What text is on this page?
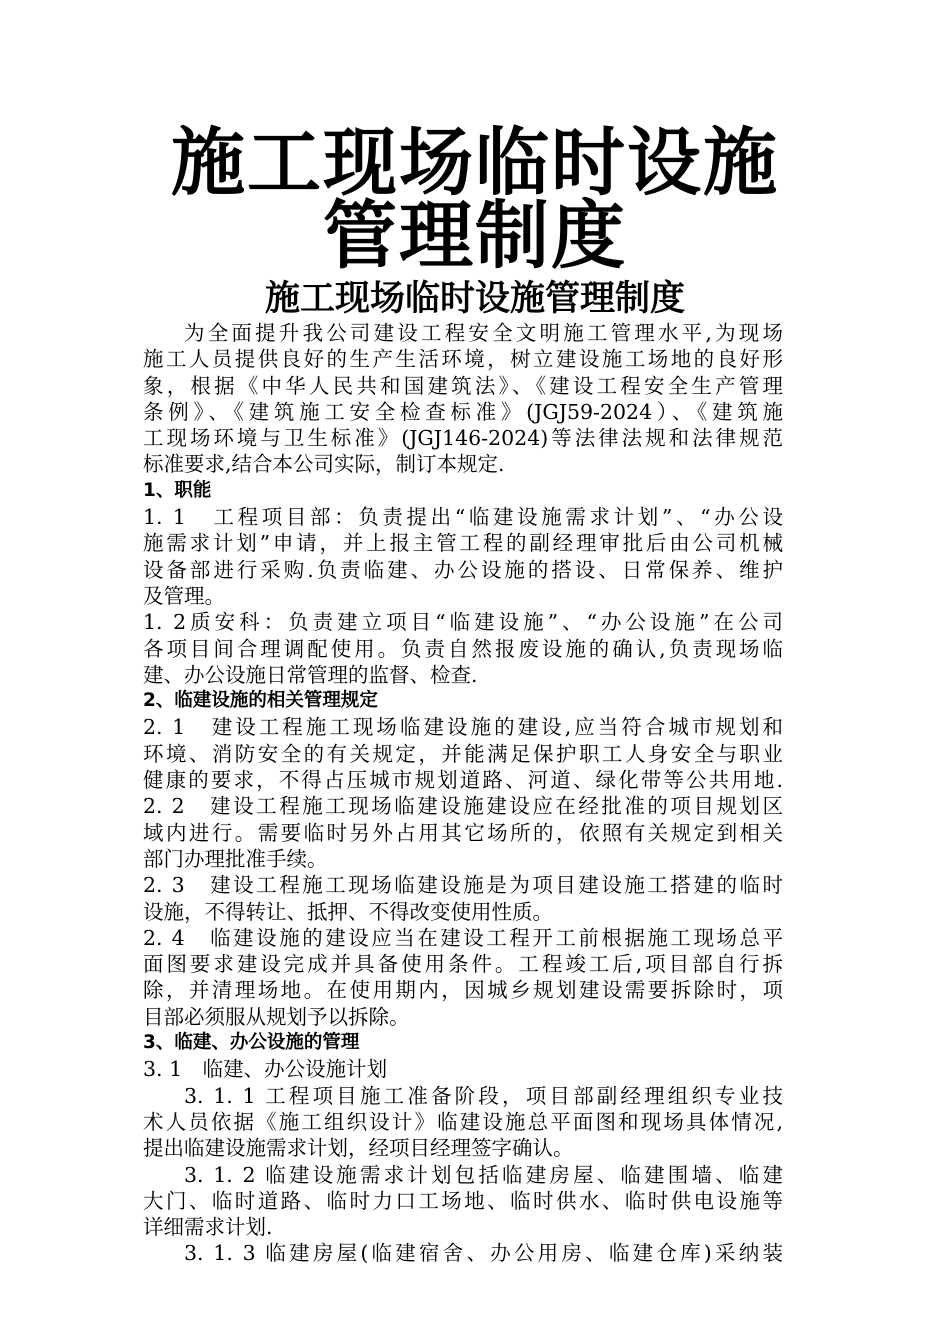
施工现场临时设施
管理制度
施工现场临时设施管理制度
为全面提升我公司建设工程安全文明施工管理水平,为现场
施工人员提供良好的生产生活环境，树立建设施工场地的良好形
象，根据《中华人民共和国建筑法》、《建设工程安全生产管理
条例》、《建筑施工安全检查标准》(JGJ59-2024）、《建筑施
工现场环境与卫生标准》(JGJ146-2024)等法律法规和法律规范
标准要求,结合本公司实际，制订本规定.
1、职能
1. 1　工程项目部：负责提出“临建设施需求计划”、“办公设
施需求计划”申请，并上报主管工程的副经理审批后由公司机械
设备部进行采购.负责临建、办公设施的搭设、日常保养、维护
及管理。
1. 2质安科：负责建立项目“临建设施”、“办公设施”在公司
各项目间合理调配使用。负责自然报废设施的确认,负责现场临
建、办公设施日常管理的监督、检查.
2、临建设施的相关管理规定
2. 1　建设工程施工现场临建设施的建设,应当符合城市规划和
环境、消防安全的有关规定，并能满足保护职工人身安全与职业
健康的要求，不得占压城市规划道路、河道、绿化带等公共用地.
2. 2　建设工程施工现场临建设施建设应在经批准的项目规划区
域内进行。需要临时另外占用其它场所的，依照有关规定到相关
部门办理批准手续。
2. 3　建设工程施工现场临建设施是为项目建设施工搭建的临时
设施，不得转让、抵押、不得改变使用性质。
2. 4　临建设施的建设应当在建设工程开工前根据施工现场总平
面图要求建设完成并具备使用条件。工程竣工后,项目部自行拆
除，并清理场地。在使用期内，因城乡规划建设需要拆除时，项
目部必须服从规划予以拆除。
3、临建、办公设施的管理
3. 1　临建、办公设施计划
3. 1. 1 工程项目施工准备阶段，项目部副经理组织专业技
术人员依据《施工组织设计》临建设施总平面图和现场具体情况,
提出临建设施需求计划，经项目经理签字确认。
3. 1. 2 临建设施需求计划包括临建房屋、临建围墙、临建
大门、临时道路、临时力口工场地、临时供水、临时供电设施等
详细需求计划.
3. 1. 3 临建房屋(临建宿舍、办公用房、临建仓库)采纳装
